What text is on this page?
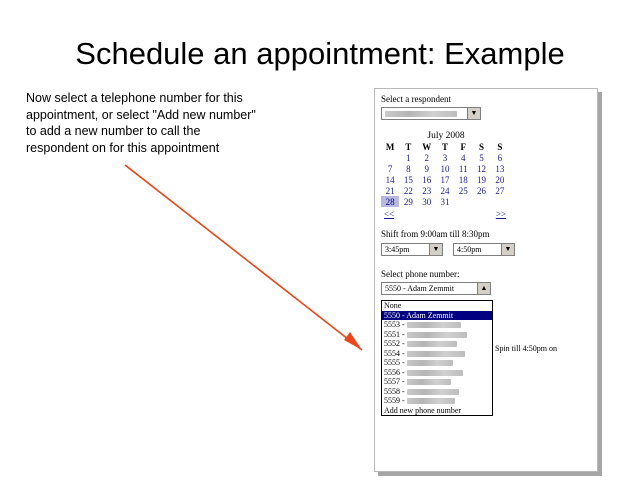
Schedule an appointment: Example
Now select a telephone number for this appointment, or select "Add new number" to add a new number to call the respondent on for this appointment
Select a respondent
▼
July 2008
M	T	W	T	F	S	S
	1	2	3	4	5	6
7	8	9	10	11	12	13
14	15	16	17	18	19	20
21	22	23	24	25	26	27
28	29	30	31			
<<	>>
Shift from 9:00am till 8:30pm
3:45pm	▼
	4:50pm	▼
Select phone number:
5550 - Adam Zemmit	▲
None
5550 - Adam Zemmit
5553 -
5551 -
5552 -
5554 -
5555 -
5556 -
5557 -
5558 -
5559 -
Add new phone number
Spin till 4:50pm on
